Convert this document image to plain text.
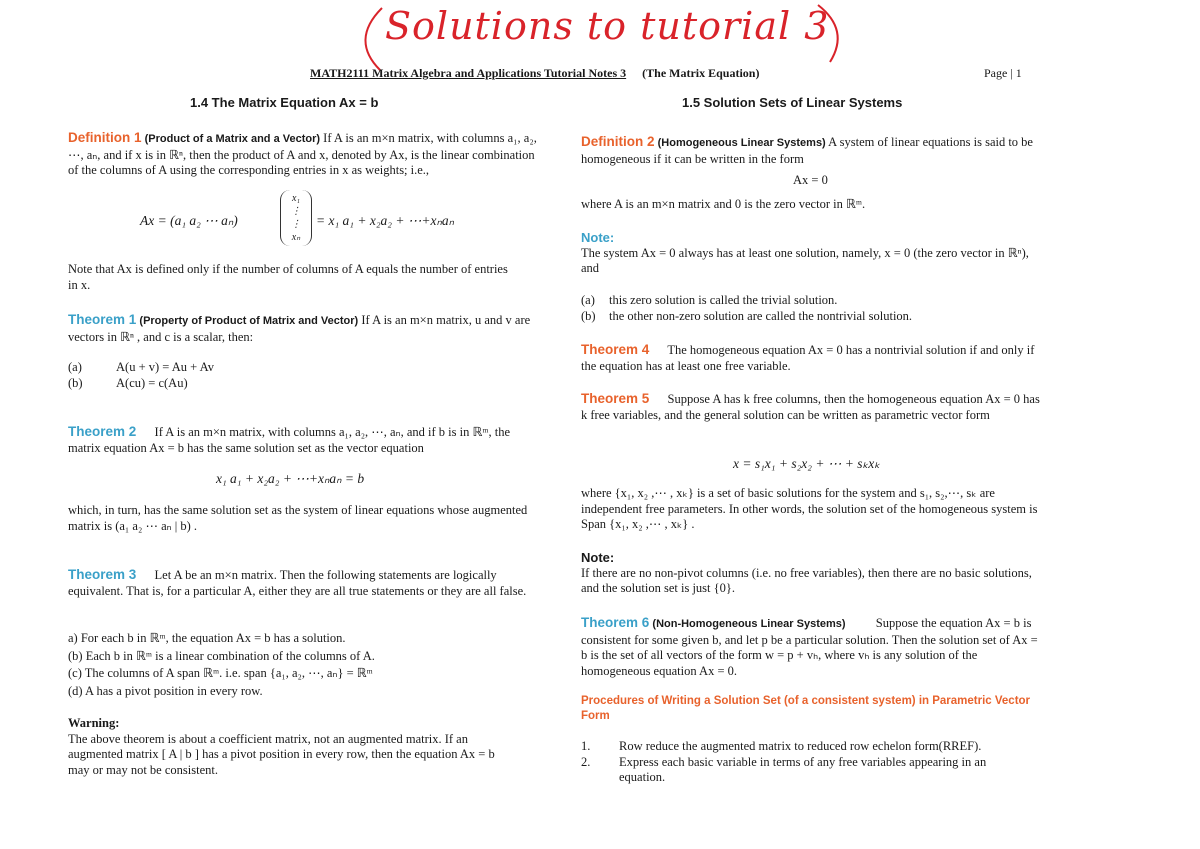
Solutions to tutorial 3
MATH2111 Matrix Algebra and Applications Tutorial Notes 3 (The Matrix Equation)	Page | 1
1.4 The Matrix Equation Ax = b
Definition 1 (Product of a Matrix and a Vector) If A is an m×n matrix, with columns a₁, a₂, ⋯, aₙ, and if x is in ℝⁿ, then the product of A and x, denoted by Ax, is the linear combination of the columns of A using the corresponding entries in x as weights; i.e.,
Ax = (a₁ a₂ ⋯ aₙ)
x₁
⋮
⋮
xₙ
= x₁ a₁ + x₂a₂ + ⋯+xₙaₙ
Note that Ax is defined only if the number of columns of A equals the number of entries in x.
Theorem 1 (Property of Product of Matrix and Vector) If A is an m×n matrix, u and v are vectors in ℝⁿ , and c is a scalar, then:
(a)	A(u + v) = Au + Av
(b)	A(cu) = c(Au)
Theorem 2 If A is an m×n matrix, with columns a₁, a₂, ⋯, aₙ, and if b is in ℝᵐ, the matrix equation Ax = b has the same solution set as the vector equation
x₁ a₁ + x₂a₂ + ⋯+xₙaₙ = b
which, in turn, has the same solution set as the system of linear equations whose augmented matrix is (a₁ a₂ ⋯ aₙ | b) .
Theorem 3 Let A be an m×n matrix. Then the following statements are logically equivalent. That is, for a particular A, either they are all true statements or they are all false.
a) For each b in ℝᵐ, the equation Ax = b has a solution.
(b) Each b in ℝᵐ is a linear combination of the columns of A.
(c) The columns of A span ℝᵐ. i.e. span {a₁, a₂, ⋯, aₙ} = ℝᵐ
(d) A has a pivot position in every row.
Warning:
The above theorem is about a coefficient matrix, not an augmented matrix. If an augmented matrix [ A | b ] has a pivot position in every row, then the equation Ax = b may or may not be consistent.
1.5 Solution Sets of Linear Systems
Definition 2 (Homogeneous Linear Systems) A system of linear equations is said to be homogeneous if it can be written in the form
Ax = 0
where A is an m×n matrix and 0 is the zero vector in ℝᵐ.
Note:
The system Ax = 0 always has at least one solution, namely, x = 0 (the zero vector in ℝⁿ), and
(a)	this zero solution is called the trivial solution.
(b)	the other non-zero solution are called the nontrivial solution.
Theorem 4 The homogeneous equation Ax = 0 has a nontrivial solution if and only if the equation has at least one free variable.
Theorem 5 Suppose A has k free columns, then the homogeneous equation Ax = 0 has k free variables, and the general solution can be written as parametric vector form
x = s₁x₁ + s₂x₂ + ⋯ + sₖxₖ
where {x₁, x₂ ,⋯ , xₖ} is a set of basic solutions for the system and s₁, s₂,⋯, sₖ are independent free parameters. In other words, the solution set of the homogeneous system is Span {x₁, x₂ ,⋯ , xₖ} .
Note:
If there are no non-pivot columns (i.e. no free variables), then there are no basic solutions, and the solution set is just {0}.
Theorem 6 (Non-Homogeneous Linear Systems) Suppose the equation Ax = b is consistent for some given b, and let p be a particular solution. Then the solution set of Ax = b is the set of all vectors of the form w = p + vₕ, where vₕ is any solution of the homogeneous equation Ax = 0.
Procedures of Writing a Solution Set (of a consistent system) in Parametric Vector Form
1.	Row reduce the augmented matrix to reduced row echelon form(RREF).
2.	Express each basic variable in terms of any free variables appearing in an equation.
